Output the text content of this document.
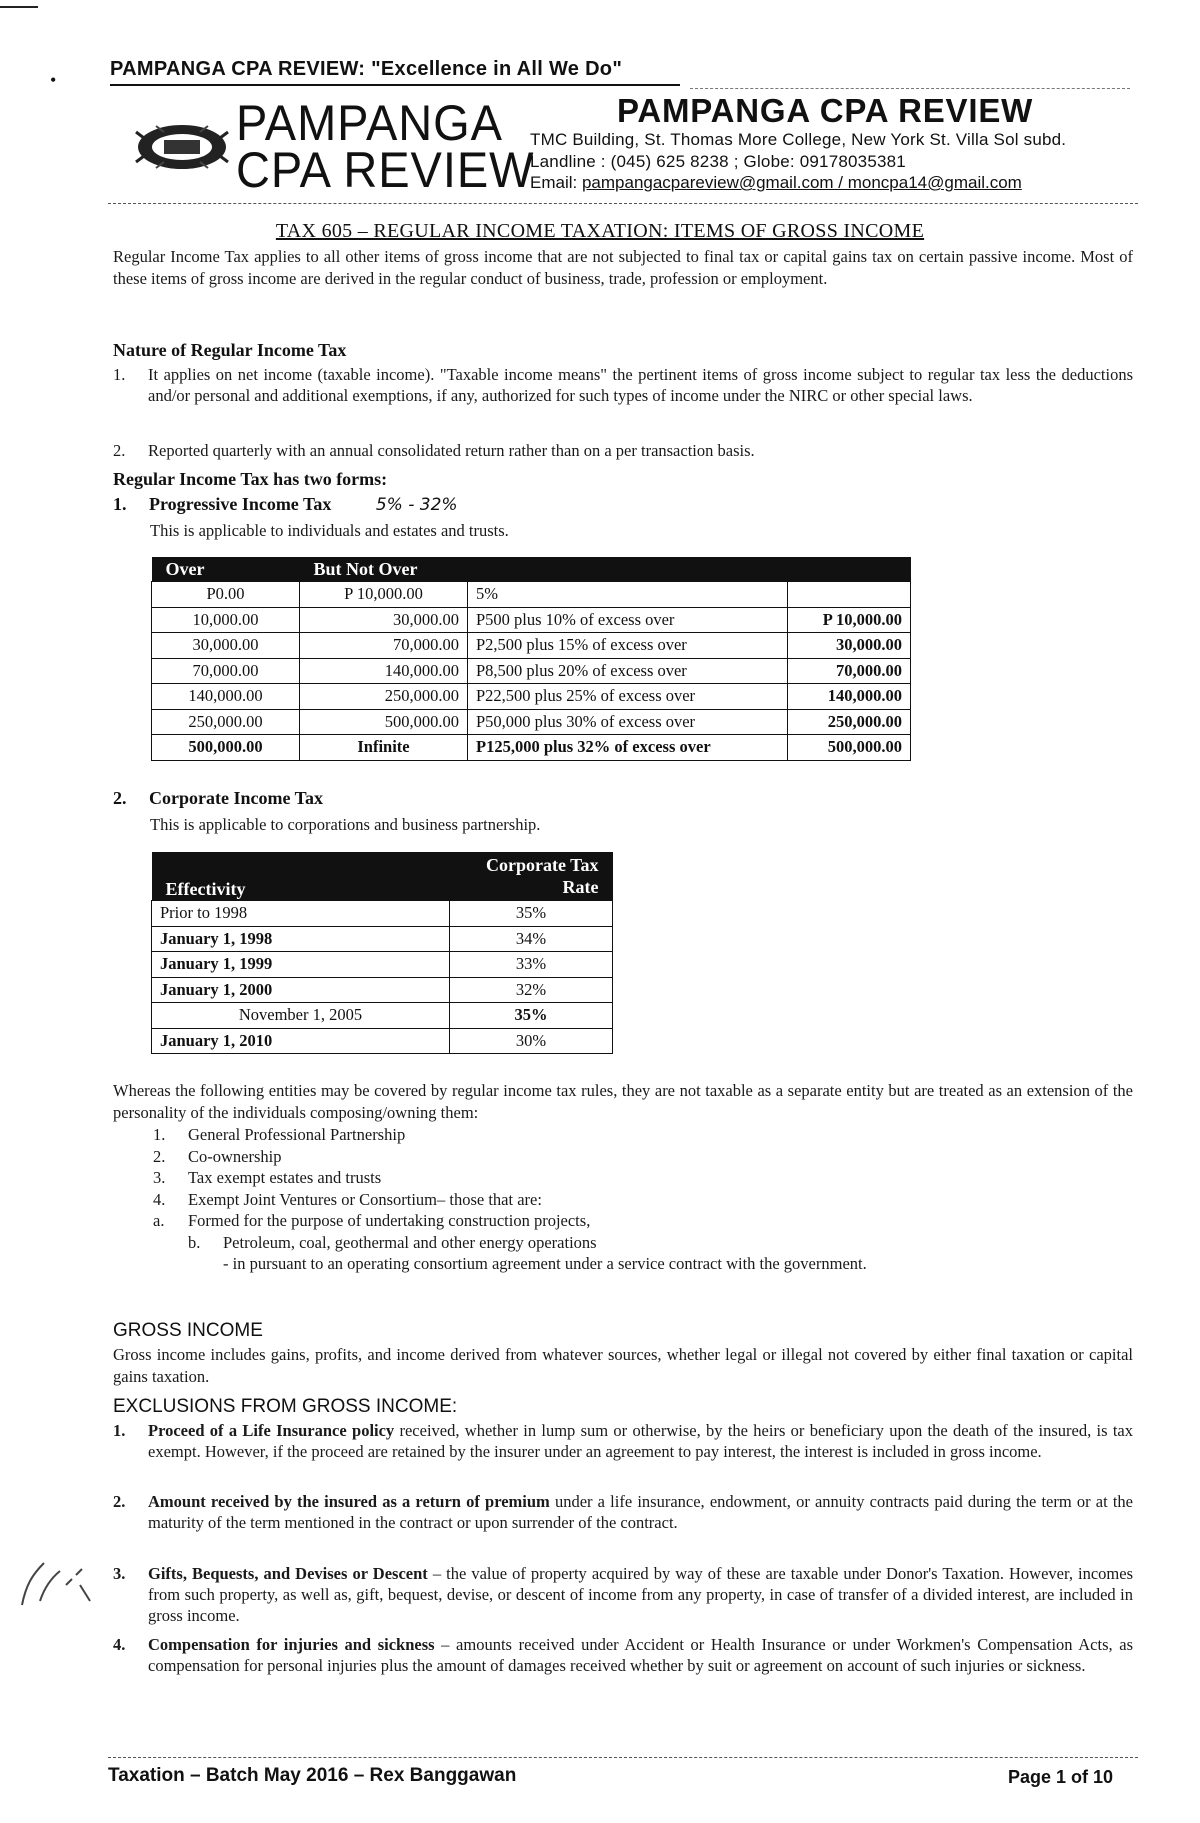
•	PAMPANGA CPA REVIEW: "Excellence in All We Do"
PAMPANGA
CPA REVIEW
PAMPANGA CPA REVIEW
TMC Building, St. Thomas More College, New York St. Villa Sol subd.
Landline : (045) 625 8238 ; Globe: 09178035381
Email: pampangacpareview@gmail.com / moncpa14@gmail.com
TAX 605 – REGULAR INCOME TAXATION: ITEMS OF GROSS INCOME
Regular Income Tax applies to all other items of gross income that are not subjected to final tax or capital gains tax on certain passive income. Most of these items of gross income are derived in the regular conduct of business, trade, profession or employment.
Nature of Regular Income Tax
1. It applies on net income (taxable income). "Taxable income means" the pertinent items of gross income subject to regular tax less the deductions and/or personal and additional exemptions, if any, authorized for such types of income under the NIRC or other special laws.
2. Reported quarterly with an annual consolidated return rather than on a per transaction basis.
Regular Income Tax has two forms:
1. Progressive Income Tax	5% - 32%
This is applicable to individuals and estates and trusts.
Over	But Not Over		
P0.00	P 10,000.00	5%	
10,000.00	30,000.00	P500 plus 10% of excess over	P 10,000.00
30,000.00	70,000.00	P2,500 plus 15% of excess over	30,000.00
70,000.00	140,000.00	P8,500 plus 20% of excess over	70,000.00
140,000.00	250,000.00	P22,500 plus 25% of excess over	140,000.00
250,000.00	500,000.00	P50,000 plus 30% of excess over	250,000.00
500,000.00	Infinite	P125,000 plus 32% of excess over	500,000.00
2. Corporate Income Tax
This is applicable to corporations and business partnership.
Effectivity	Corporate Tax Rate
Prior to 1998	35%
January 1, 1998	34%
January 1, 1999	33%
January 1, 2000	32%
November 1, 2005	35%
January 1, 2010	30%
Whereas the following entities may be covered by regular income tax rules, they are not taxable as a separate entity but are treated as an extension of the personality of the individuals composing/owning them:
1. General Professional Partnership
2. Co-ownership
3. Tax exempt estates and trusts
4. Exempt Joint Ventures or Consortium– those that are:
a. Formed for the purpose of undertaking construction projects,
b. Petroleum, coal, geothermal and other energy operations
- in pursuant to an operating consortium agreement under a service contract with the government.
GROSS INCOME
Gross income includes gains, profits, and income derived from whatever sources, whether legal or illegal not covered by either final taxation or capital gains taxation.
EXCLUSIONS FROM GROSS INCOME:
1. Proceed of a Life Insurance policy received, whether in lump sum or otherwise, by the heirs or beneficiary upon the death of the insured, is tax exempt. However, if the proceed are retained by the insurer under an agreement to pay interest, the interest is included in gross income.
2. Amount received by the insured as a return of premium under a life insurance, endowment, or annuity contracts paid during the term or at the maturity of the term mentioned in the contract or upon surrender of the contract.
3. Gifts, Bequests, and Devises or Descent – the value of property acquired by way of these are taxable under Donor's Taxation. However, incomes from such property, as well as, gift, bequest, devise, or descent of income from any property, in case of transfer of a divided interest, are included in gross income.
4. Compensation for injuries and sickness – amounts received under Accident or Health Insurance or under Workmen's Compensation Acts, as compensation for personal injuries plus the amount of damages received whether by suit or agreement on account of such injuries or sickness.
Taxation – Batch May 2016 – Rex Banggawan	Page 1 of 10
